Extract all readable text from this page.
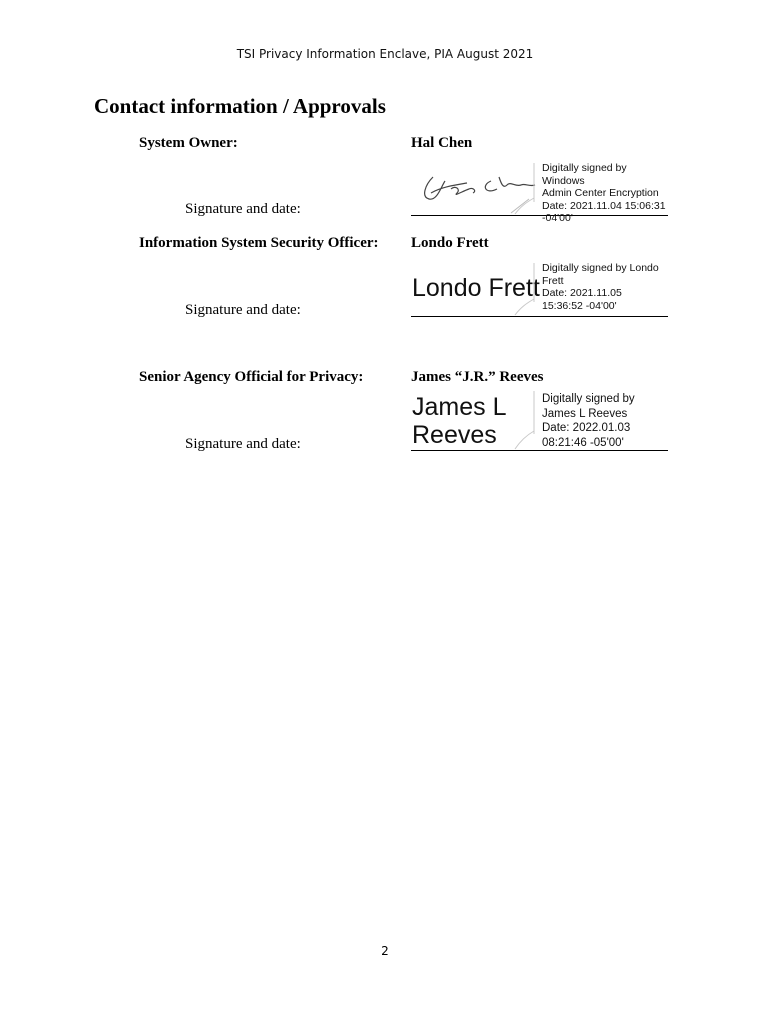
TSI Privacy Information Enclave, PIA August 2021
Contact information / Approvals
System Owner:	Hal Chen
Signature and date:
Digitally signed by Windows
Admin Center Encryption
Date: 2021.11.04 15:06:31
-04'00'
Information System Security Officer: Londo Frett
Signature and date:
Londo Frett
Digitally signed by Londo
Frett
Date: 2021.11.05
15:36:52 -04'00'
Senior Agency Official for Privacy:	James “J.R.” Reeves
Signature and date:
James L
Reeves
Digitally signed by
James L Reeves
Date: 2022.01.03
08:21:46 -05'00'
2
